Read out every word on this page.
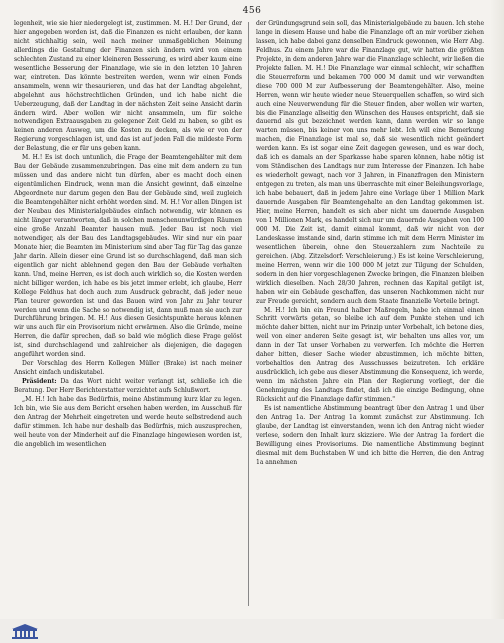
456

legenheit, wie sie hier niedergelegt ist, zustimmen. M. H.! Der Grund, der hier angegeben worden ist, daß die Finanzen es nicht erlauben, der kann nicht stichhaltig sein, weil nach meiner unmaßgeblichen Meinung allerdings die Gestaltung der Finanzen sich ändern wird von einem schlechten Zustand zu einer kleineren Besserung, es wird aber kaum eine wesentliche Besserung der Finanzlage, wie sie in den letzten 10 Jahren war, eintreten. Das könnte bestreiten werden, wenn wir einen Fonds ansammeln, wenn wir thesaurieren, und das hat der Landtag abgelehnt, abgelehnt aus höchstrechtlichen Gründen, und ich habe nicht die Ueberzeugung, daß der Landtag in der nächsten Zeit seine Ansicht darin ändern wird. Aber wollen wir nicht ansammeln, um für solche notwendigen Extraausgaben zu gelegener Zeit Geld zu haben, so gibt es keinen anderen Ausweg, um die Kosten zu decken, als wie er von der Regierung vorgeschlagen ist, und das ist auf jeden Fall die mildeste Form der Belastung, die er für uns geben kann.

M. H.! Es ist doch untunlich, die Frage der Beamtengehälter mit dem Bau der Gebäude zusammenzubringen. Das eine mit dem andern zu tun müssen und das andere nicht tun dürfen, aber es macht doch einen eigentümlichen Eindruck, wenn man die Ansicht gewinnt, daß einzelne Abgeordnete nur darum gegen den Bau der Gebäude sind, weil zugleich die Beamtengehälter nicht erhöht worden sind. M. H.! Vor allen Dingen ist der Neubau des Ministerialgebäudes einfach notwendig, wir können es nicht länger verantworten, daß in solchen menschenunwürdigen Räumen eine große Anzahl Beamter hausen muß. Jeder Bau ist noch viel notwendiger, als der Bau des Landtagsgebäudes. Wir sind nur ein paar Monate hier, die Beamten im Ministerium sind aber Tag für Tag das ganze Jahr darin. Allein dieser eine Grund ist so durchschlagend, daß man sich eigentlich gar nicht ablehnend gegen den Bau der Gebäude verhalten kann. Und, meine Herren, es ist doch auch wirklich so, die Kosten werden nicht billiger werden, ich habe es bis jetzt immer erlebt, ich glaube, Herr Kollege Feldhus hat doch auch zum Ausdruck gebracht, daß jeder neue Plan teurer geworden ist und das Bauen wird von Jahr zu Jahr teurer werden und wenn die Sache so notwendig ist, dann muß man sie auch zur Durchführung bringen. M. H.! Aus diesen Gesichtspunkte heraus können wir uns auch für ein Provisorium nicht erwärmen. Also die Gründe, meine Herren, die dafür sprechen, daß so bald wie möglich diese Frage gelöst ist, sind durchschlagend und zahlreicher als diejenigen, die dagegen angeführt worden sind.

Der Vorschlag des Herrn Kollegen Müller (Brake) ist nach meiner Ansicht einfach undiskutabel.

Präsident: Da das Wort nicht weiter verlangt ist, schließe ich die Beratung. Der Herr Berichterstatter verzichtet aufs Schlußwort.

„M. H.! Ich habe das Bedürfnis, meine Abstimmung kurz klar zu legen. Ich bin, wie Sie aus dem Bericht ersehen haben werden, im Ausschuß für den Antrag der Mehrheit eingetreten und werde heute selbstredend auch dafür stimmen. Ich habe nur deshalb das Bedürfnis, mich auszusprechen, weil heute von der Minderheit auf die Finanzlage hingewiesen worden ist, die angeblich im wesentlichen

der Gründungsgrund sein soll, das Ministerialgebäude zu bauen. Ich stehe lange in diesem Hause und habe die Finanzlage oft an mir vorüber ziehen lassen, ich habe dabei ganz denselben Eindruck gewonnen, wie Herr Abg. Feldhus. Zu einem Jahre war die Finanzlage gut, wir hatten die größten Projekte, in dem anderen Jahre war die Finanzlage schlecht, wir ließen die Projekte fallen. M. H.! Die Finanzlage war einmal schlecht, wir schafften die Steuerreform und bekamen 700 000 M damit und wir verwandten diese 700 000 M zur Aufbesserung der Beamtengehälter. Also, meine Herren, wenn wir heute wieder neue Steuerquellen schaffen, so wird sich auch eine Neuverwendung für die Steuer finden, aber wollen wir warten, bis die Finanzlage allseitig den Wünschen des Hauses entspricht, daß sie dauernd als gut bezeichnet werden kann, dann werden wir so lange warten müssen, bis keiner von uns mehr lebt. Ich will eine Bemerkung machen, die Finanzlage ist mal so, daß sie wesentlich nicht geändert werden kann. Es ist sogar eine Zeit dagegen gewesen, und es war doch, daß ich es damals an der Sparkasse habe sparen können, habe nötig ist vom Ständischen des Landtags nur zum Interesse der Finanzen. Ich habe es wiederholt gewagt, nach vor 3 Jahren, in Finanzfragen den Ministern entgegen zu treten, als man uns überraschte mit einer Beleihungsvorlage, ich habe bebauert, daß in jedem Jahre eine Vorlage über 1 Million Mark dauernde Ausgaben für Beamtengehalte an den Landtag gekommen ist. Hier, meine Herren, handelt es sich aber nicht um dauernde Ausgaben von 1 Millionen Mark, es handelt sich nur um dauernde Ausgaben von 100 000 M. Die Zeit ist, damit einmal kommt, daß wir nicht von der Landeskasse imstande sind, darin stimme ich mit dem Herrn Minister im wesentlichen überein, ohne den Steuerzahlern zum Nachteile zu gereichen. (Abg. Zitzelsdorf: Verschleierung.) Es ist keine Verschleierung, meine Herren, wenn wir die 100 000 M jetzt zur Tilgung der Schulden, sodern in den hier vorgeschlagenen Zwecke bringen, die Finanzen bleiben wirklich dieselben. Nach 28/30 Jahren, rechnen das Kapital getilgt ist, haben wir ein Gebäude geschaffen, das unseren Nachkommen nicht nur zur Freude gereicht, sondern auch dem Staate finanzielle Vorteile bringt.

M. H.! Ich bin ein Freund halber Maßregeln, habe ich einmal einen Schritt vorwärts getan, so bleibe ich auf dem Punkte stehen und ich möchte daher bitten, nicht nur im Prinzip unter Vorbehalt, ich betone dies, weil von einer anderen Seite gesagt ist, wir behalten uns alles vor, um dann in der Tat unser Vorhaben zu verwerfen. Ich möchte die Herren daher bitten, dieser Sache wieder abzustimmen, ich möchte bitten, vorbehaltlos den Antrag des Ausschusses beizutreten. Ich erkläre ausdrücklich, ich gebe aus dieser Abstimmung die Konsequenz, ich werde, wenn im nächsten Jahre ein Plan der Regierung vorliegt, der die Genehmigung des Landtags findet, daß ich die einzige Bedingung, ohne Rücksicht auf die Finanzlage dafür stimmen."

Es ist namentliche Abstimmung beantragt über den Antrag 1 und über den Antrag 1a. Der Antrag 1a kommt zunächst zur Abstimmung. Ich glaube, der Landtag ist einverstanden, wenn ich den Antrag nicht wieder verlese, sodern den Inhalt kurz skizziere. Wie der Antrag 1a fordert die Bewilligung eines Provisoriums. Die namentliche Abstimmung beginnt diesmal mit dem Buchstaben W und ich bitte die Herren, die den Antrag 1a annehmen
